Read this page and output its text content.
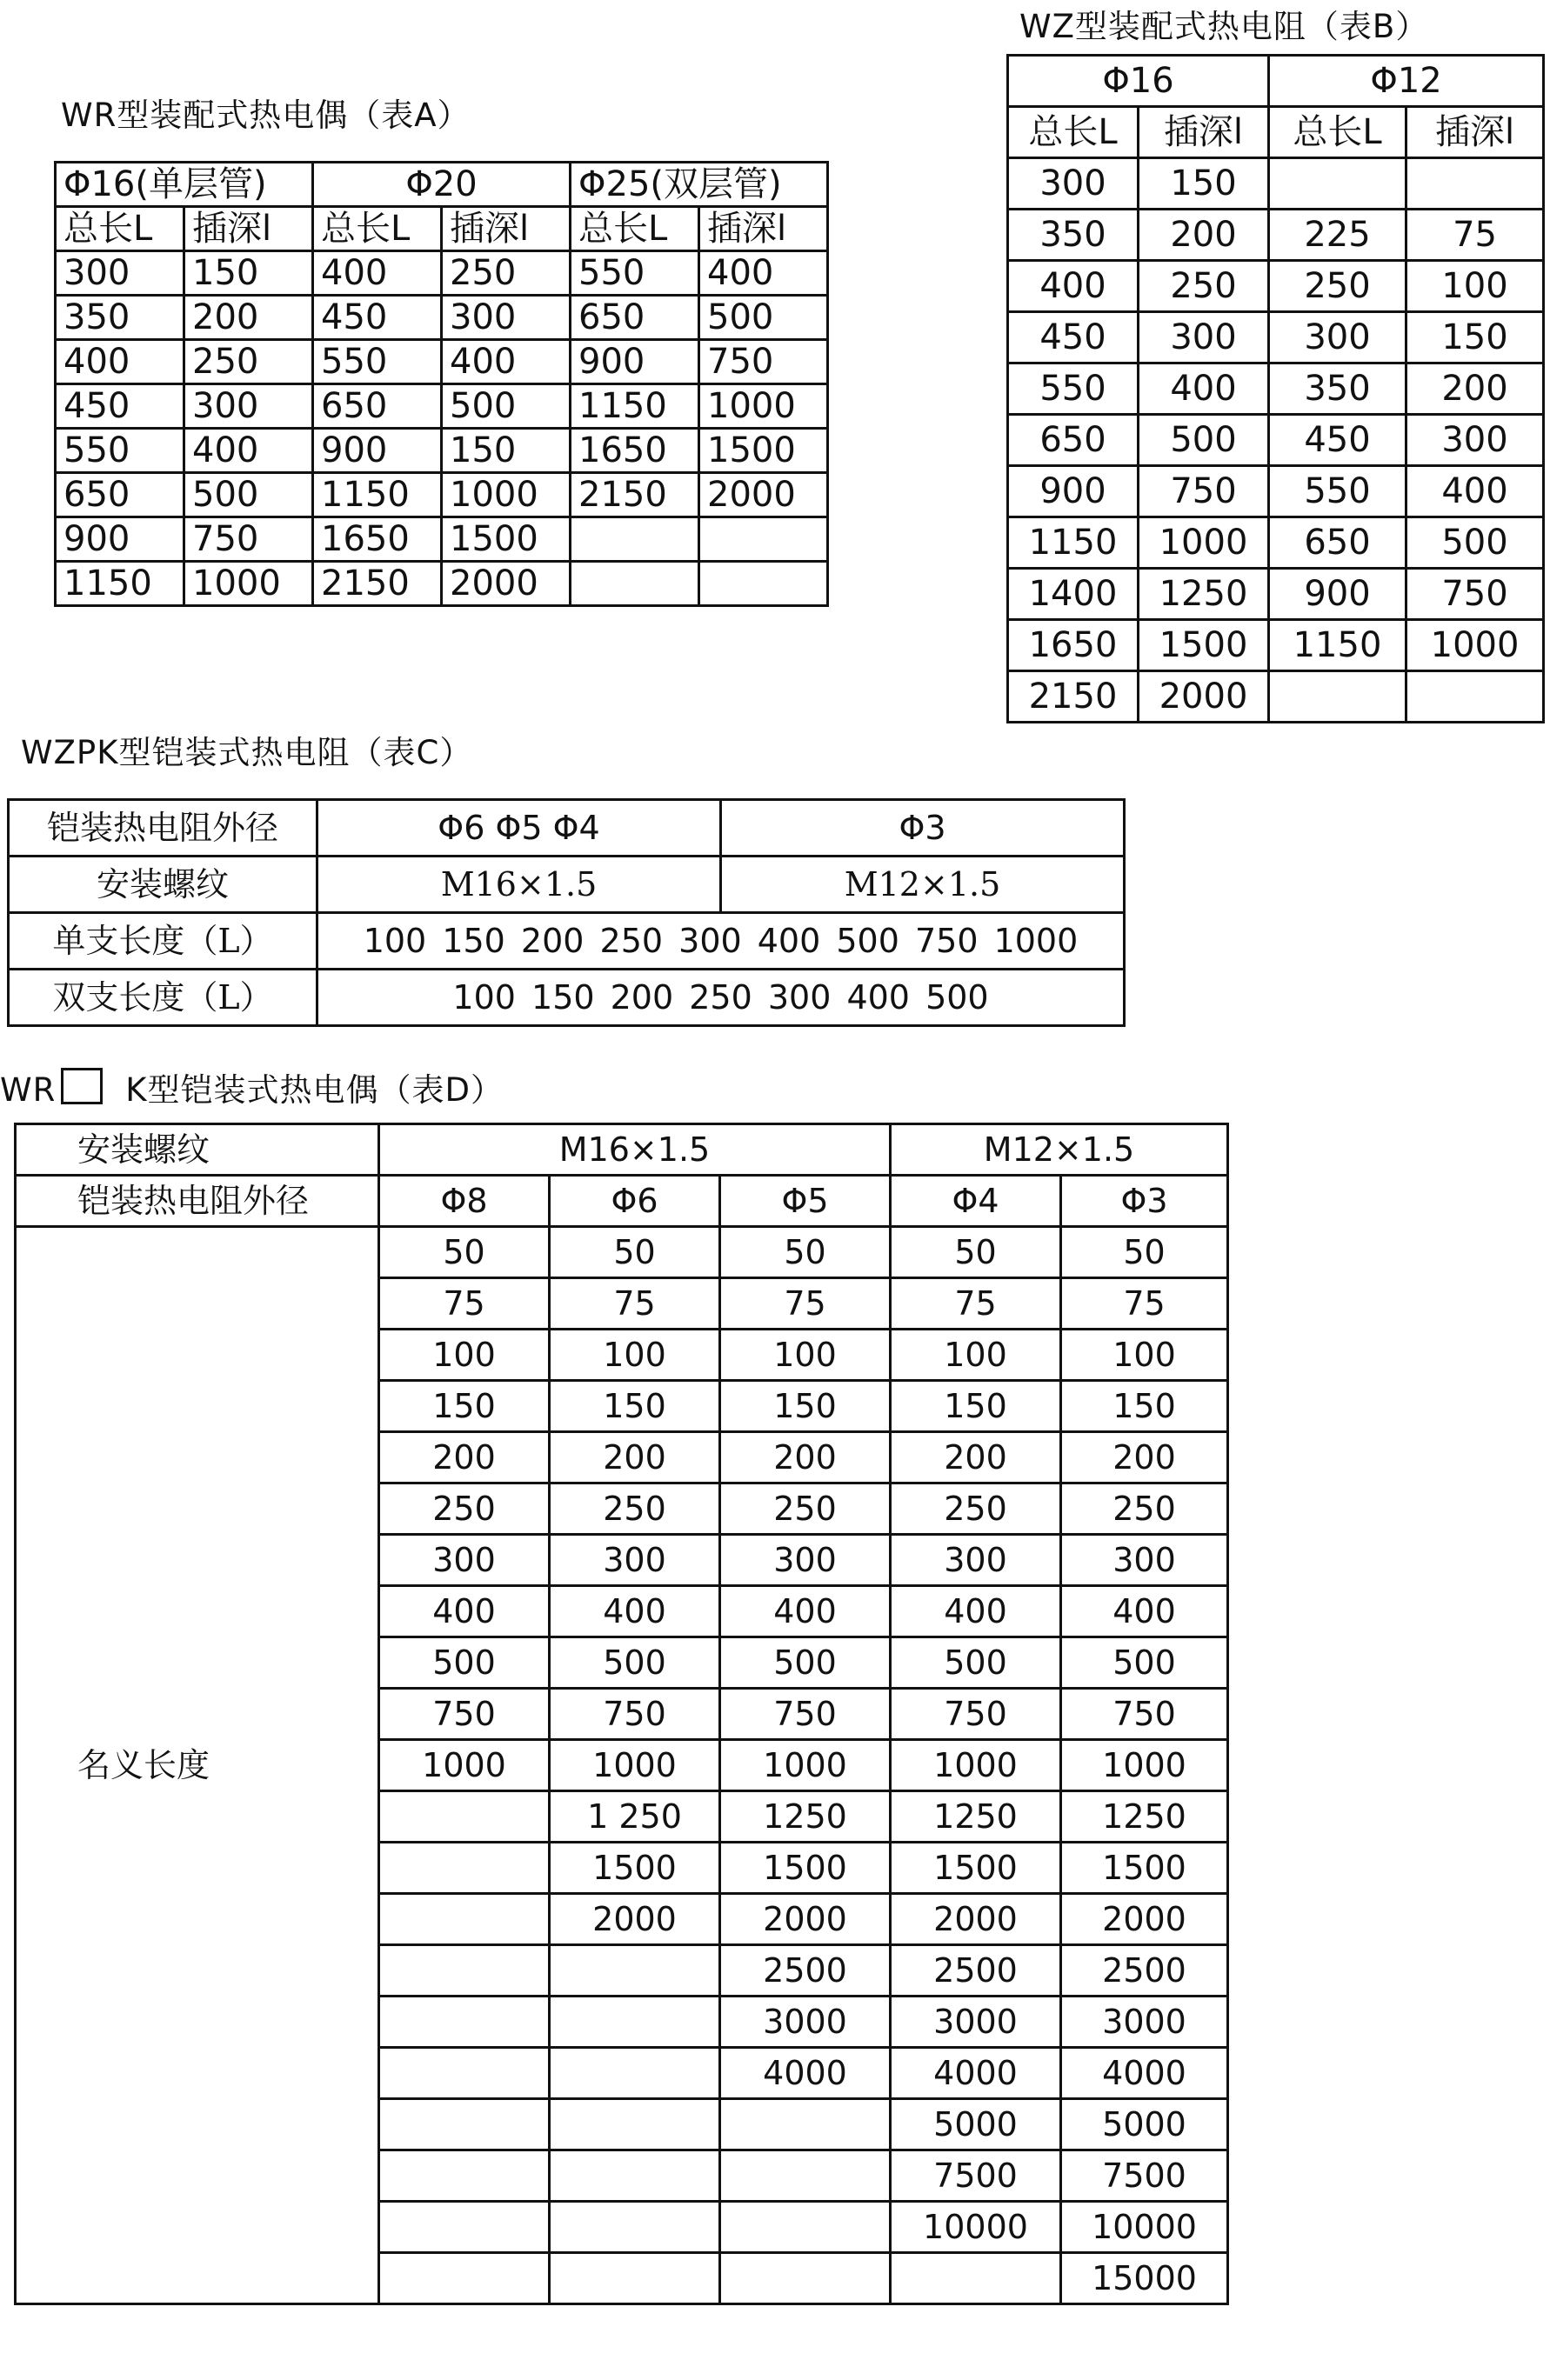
WR型装配式热电偶（表A）
Φ16(单层管)		Φ20		Φ25(双层管)	
总长L	插深l	总长L	插深l	总长L	插深l
300	150	400	250	550	400
350	200	450	300	650	500
400	250	550	400	900	750
450	300	650	500	1150	1000
550	400	900	150	1650	1500
650	500	1150	1000	2150	2000
900	750	1650	1500		
1150	1000	2150	2000		
WZ型装配式热电阻（表B）
Φ16		Φ12	
总长L	插深l	总长L	插深l
300	150		
350	200	225	75
400	250	250	100
450	300	300	150
550	400	350	200
650	500	450	300
900	750	550	400
1150	1000	650	500
1400	1250	900	750
1650	1500	1150	1000
2150	2000		
WZPK型铠装式热电阻（表C）
铠装热电阻外径	Φ6 Φ5 Φ4	Φ3
安装螺纹	M16×1.5	M12×1.5
单支长度（L）	100 150 200 250 300 400 500 750 1000	
双支长度（L）	100 150 200 250 300 400 500	
WR K型铠装式热电偶（表D）
安装螺纹	M16×1.5			M12×1.5	
铠装热电阻外径	Φ8	Φ6	Φ5	Φ4	Φ3
名义长度	50	50	50	50	50
	75	75	75	75	75
	100	100	100	100	100
	150	150	150	150	150
	200	200	200	200	200
	250	250	250	250	250
	300	300	300	300	300
	400	400	400	400	400
	500	500	500	500	500
	750	750	750	750	750
	1000	1000	1000	1000	1000
		1 250	1250	1250	1250
		1500	1500	1500	1500
		2000	2000	2000	2000
			2500	2500	2500
			3000	3000	3000
			4000	4000	4000
				5000	5000
				7500	7500
				10000	10000
					15000
